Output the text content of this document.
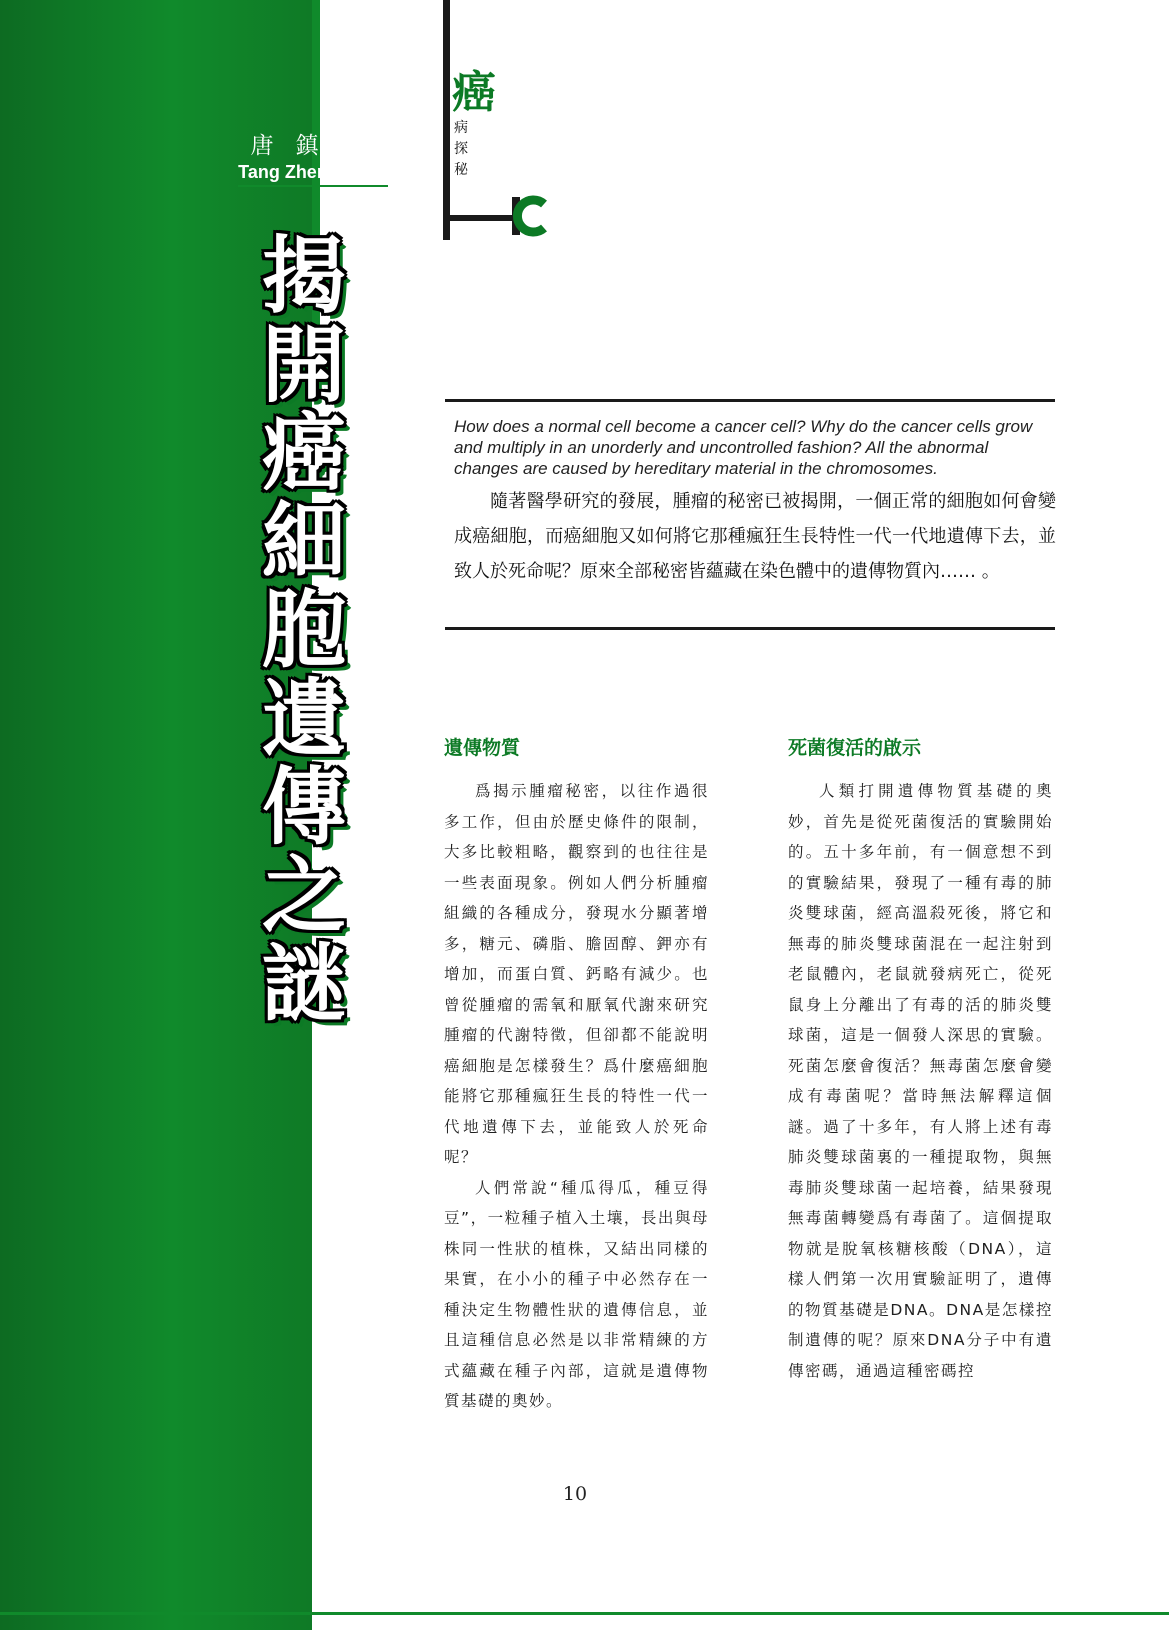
唐鎮生
Tang Zhen Sheng
揭
開
癌
細
胞
遺
傳
之
謎
癌
病
探
秘
How does a normal cell become a cancer cell? Why do the cancer cells grow and multiply in an unorderly and uncontrolled fashion? All the abnormal changes are caused by hereditary material in the chromosomes.
隨著醫學研究的發展，腫瘤的秘密已被揭開，一個正常的細胞如何會變成癌細胞，而癌細胞又如何將它那種瘋狂生長特性一代一代地遺傳下去，並致人於死命呢？原來全部秘密皆蘊藏在染色體中的遺傳物質內…… 。
遺傳物質

爲揭示腫瘤秘密，以往作過很多工作，但由於歷史條件的限制，大多比較粗略，觀察到的也往往是一些表面現象。例如人們分析腫瘤組織的各種成分，發現水分顯著增多，糖元、磷脂、膽固醇、鉀亦有增加，而蛋白質、鈣略有減少。也曾從腫瘤的需氧和厭氧代謝來研究腫瘤的代謝特徵，但卻都不能說明癌細胞是怎樣發生？爲什麼癌細胞能將它那種瘋狂生長的特性一代一代地遺傳下去，並能致人於死命呢？

人們常說“種瓜得瓜，種豆得豆”，一粒種子植入土壤，長出與母株同一性狀的植株，又結出同樣的果實，在小小的種子中必然存在一種決定生物體性狀的遺傳信息，並且這種信息必然是以非常精練的方式蘊藏在種子內部，這就是遺傳物質基礎的奧妙。

死菌復活的啟示

人類打開遺傳物質基礎的奧妙，首先是從死菌復活的實驗開始的。五十多年前，有一個意想不到的實驗結果，發現了一種有毒的肺炎雙球菌，經高溫殺死後，將它和無毒的肺炎雙球菌混在一起注射到老鼠體內，老鼠就發病死亡，從死鼠身上分離出了有毒的活的肺炎雙球菌，這是一個發人深思的實驗。死菌怎麼會復活？無毒菌怎麼會變成有毒菌呢？當時無法解釋這個謎。過了十多年，有人將上述有毒肺炎雙球菌裏的一種提取物，與無毒肺炎雙球菌一起培養，結果發現無毒菌轉變爲有毒菌了。這個提取物就是脫氧核糖核酸（DNA），這樣人們第一次用實驗証明了，遺傳的物質基礎是DNA。DNA是怎樣控制遺傳的呢？原來DNA分子中有遺傳密碼，通過這種密碼控

10
